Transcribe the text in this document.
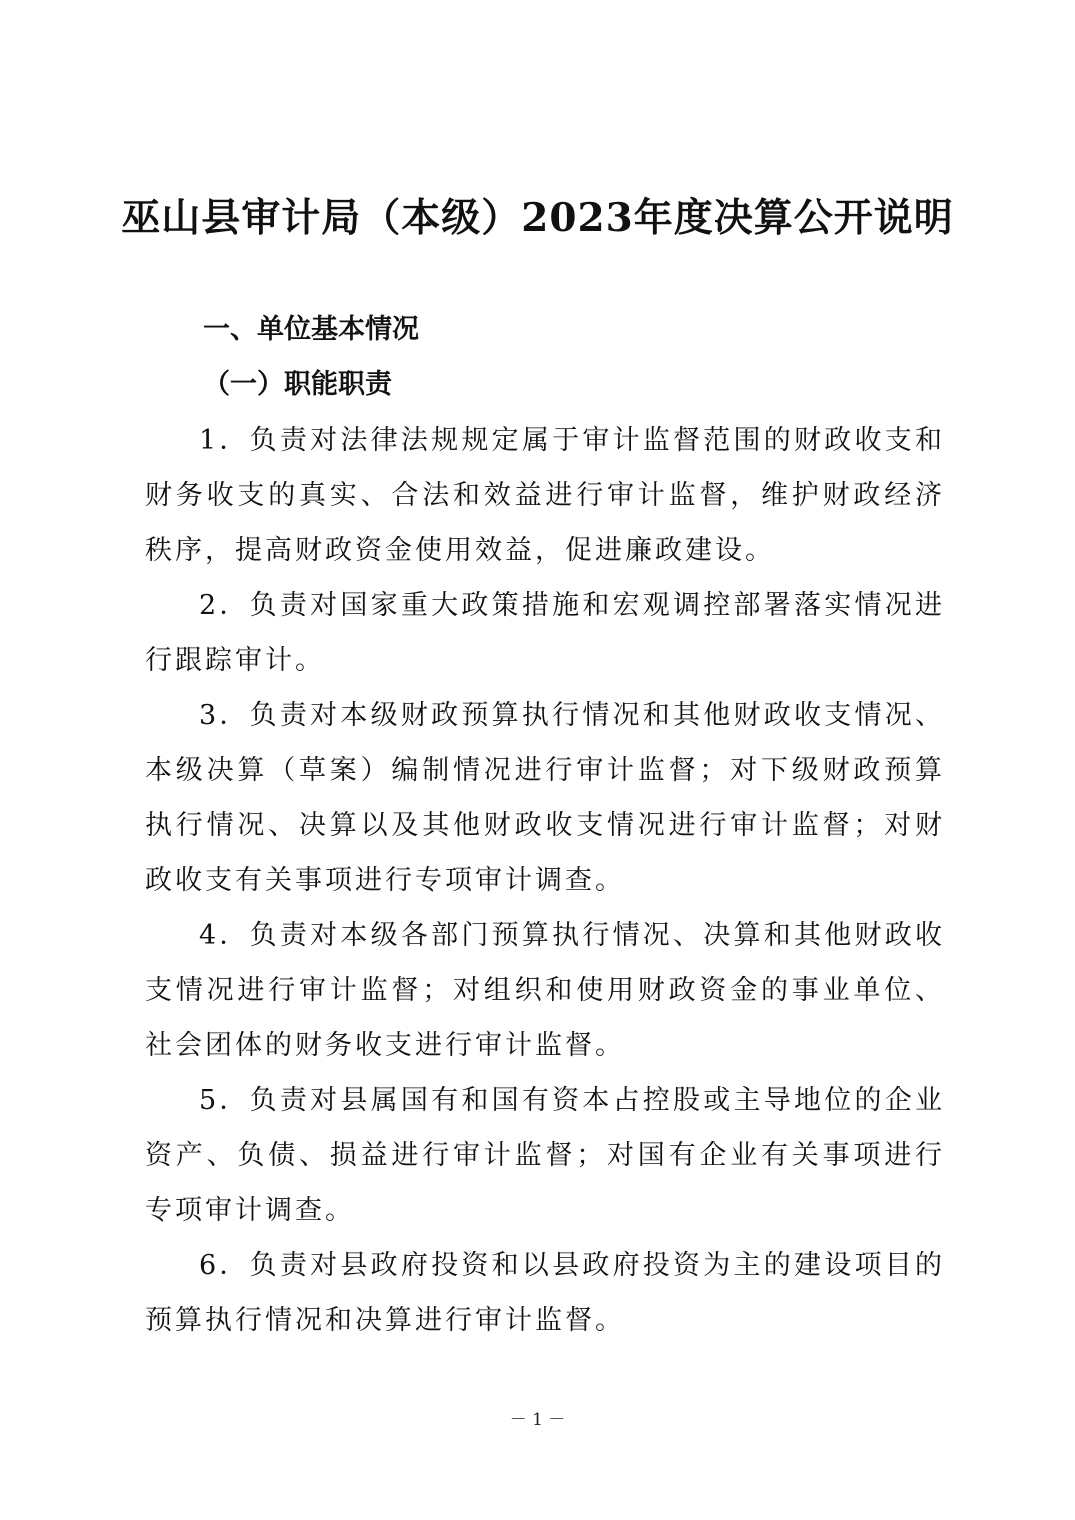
巫山县审计局（本级）2023年度决算公开说明
一、单位基本情况
（一）职能职责

1．负责对法律法规规定属于审计监督范围的财政收支和财务收支的真实、合法和效益进行审计监督，维护财政经济秩序，提高财政资金使用效益，促进廉政建设。

2．负责对国家重大政策措施和宏观调控部署落实情况进行跟踪审计。

3．负责对本级财政预算执行情况和其他财政收支情况、本级决算（草案）编制情况进行审计监督；对下级财政预算执行情况、决算以及其他财政收支情况进行审计监督；对财政收支有关事项进行专项审计调查。

4．负责对本级各部门预算执行情况、决算和其他财政收支情况进行审计监督；对组织和使用财政资金的事业单位、社会团体的财务收支进行审计监督。

5．负责对县属国有和国有资本占控股或主导地位的企业资产、负债、损益进行审计监督；对国有企业有关事项进行专项审计调查。

6．负责对县政府投资和以县政府投资为主的建设项目的预算执行情况和决算进行审计监督。

－ 1 －
